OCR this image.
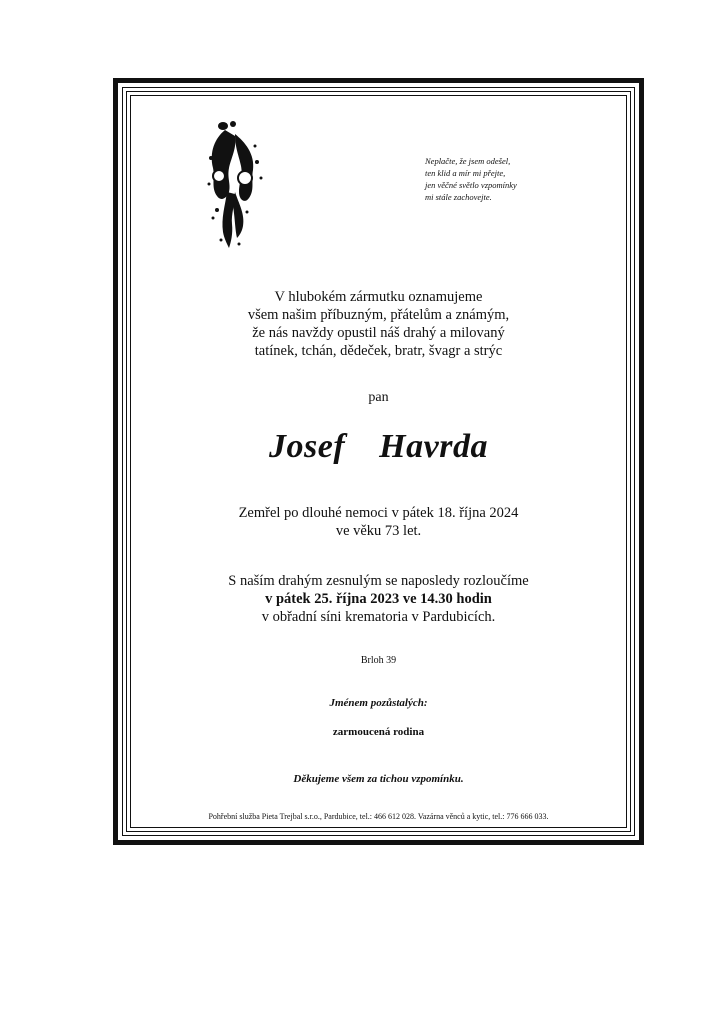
Neplačte, že jsem odešel,
ten klid a mír mi přejte,
jen věčné světlo vzpomínky
mi stále zachovejte.
V hlubokém zármutku oznamujeme
všem našim příbuzným, přátelům a známým,
že nás navždy opustil náš drahý a milovaný
tatínek, tchán, dědeček, bratr, švagr a strýc
pan
Josef  Havrda
Zemřel po dlouhé nemoci v pátek 18. října 2024
ve věku 73 let.
S naším drahým zesnulým se naposledy rozloučíme
v pátek 25. října 2023 ve 14.30 hodin
v obřadní síni krematoria v Pardubicích.
Brloh 39
Jménem pozůstalých:
zarmoucená rodina
Děkujeme všem za tichou vzpomínku.
Pohřební služba Pieta Trejbal s.r.o., Pardubice, tel.: 466 612 028. Vazárna věnců a kytic, tel.: 776 666 033.
